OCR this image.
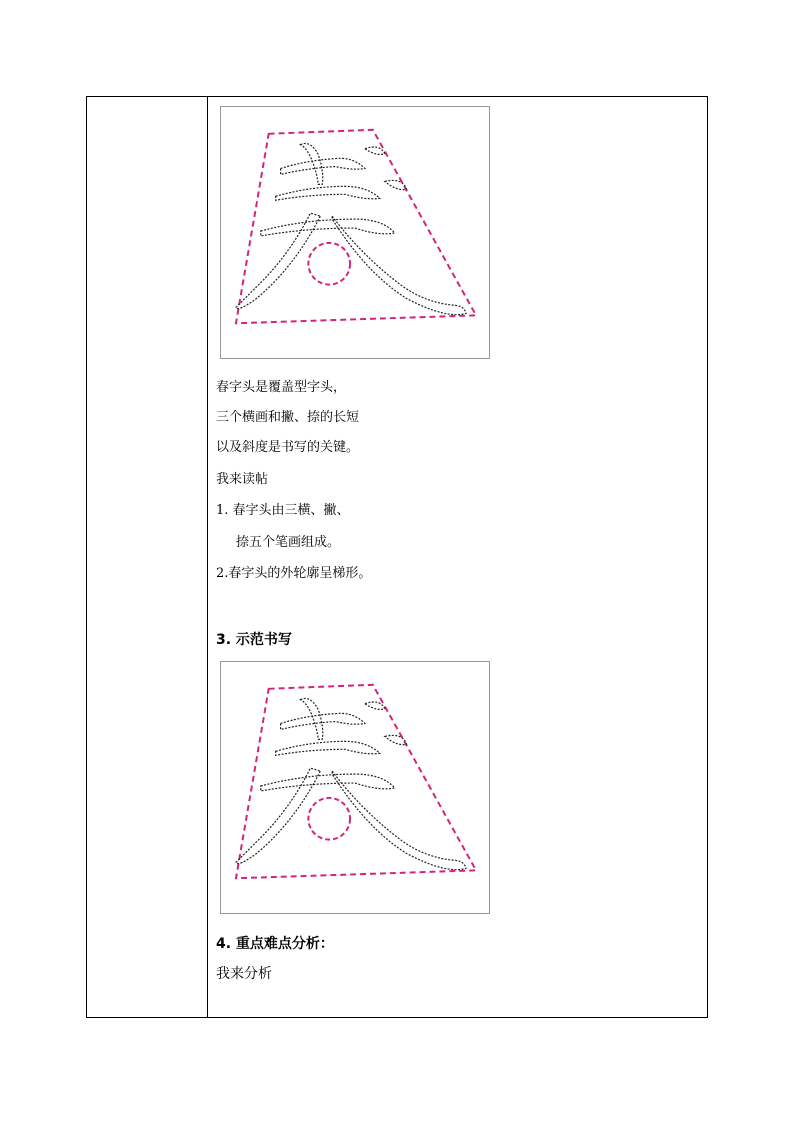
春字头是覆盖型字头，
三个横画和撇、捺的长短
以及斜度是书写的关键。
我来读帖
1. 春字头由三横、撇、
捺五个笔画组成。
2.春字头的外轮廓呈梯形。
3. 示范书写
4. 重点难点分析：
我来分析
